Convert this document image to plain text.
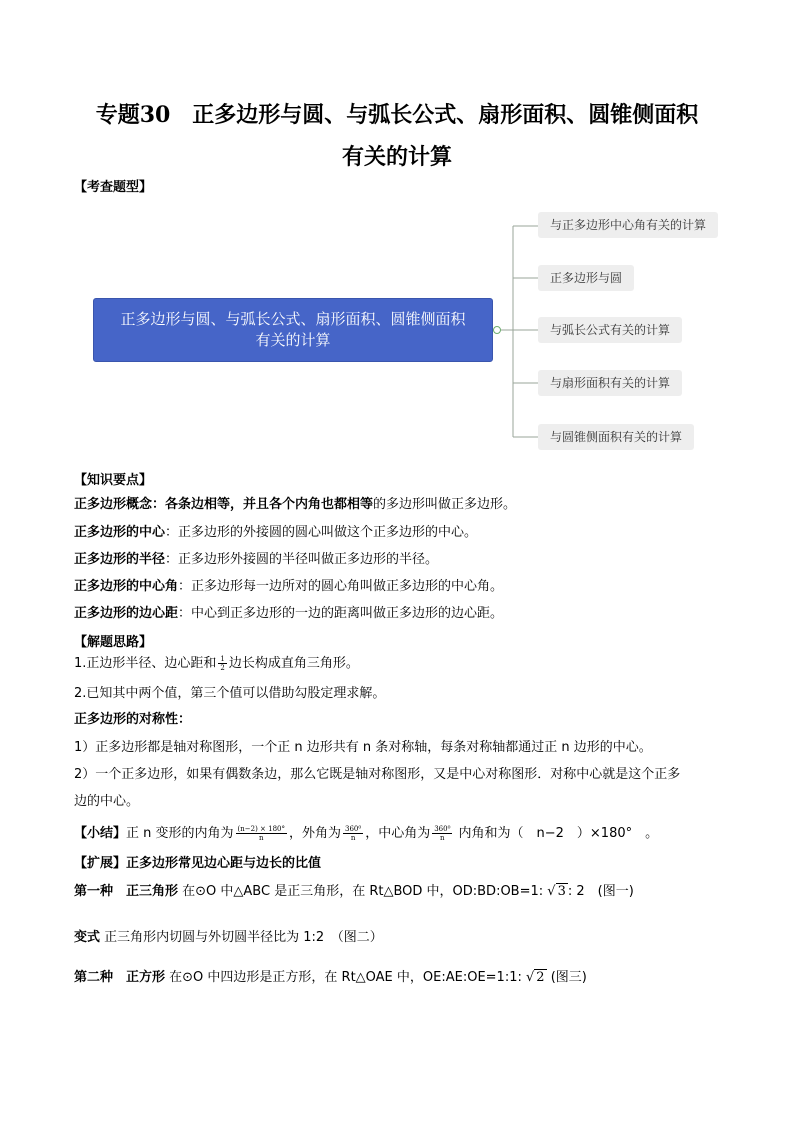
专题30　正多边形与圆、与弧长公式、扇形面积、圆锥侧面积
有关的计算
【考查题型】
正多边形与圆、与弧长公式、扇形面积、圆锥侧面积有关的计算
与正多边形中心角有关的计算
正多边形与圆
与弧长公式有关的计算
与扇形面积有关的计算
与圆锥侧面积有关的计算
【知识要点】
正多边形概念：各条边相等，并且各个内角也都相等的多边形叫做正多边形。
正多边形的中心：正多边形的外接圆的圆心叫做这个正多边形的中心。
正多边形的半径：正多边形外接圆的半径叫做正多边形的半径。
正多边形的中心角：正多边形每一边所对的圆心角叫做正多边形的中心角。
正多边形的边心距：中心到正多边形的一边的距离叫做正多边形的边心距。
【解题思路】
1.正边形半径、边心距和 $\frac{1}{2}$ 边长构成直角三角形。
2.已知其中两个值，第三个值可以借助勾股定理求解。
正多边形的对称性：
1）正多边形都是轴对称图形，一个正 n 边形共有 n 条对称轴，每条对称轴都通过正 n 边形的中心。
2）一个正多边形，如果有偶数条边，那么它既是轴对称图形，又是中心对称图形．对称中心就是这个正多
边的中心。
【小结】正 n 变形的内角为 $\frac{(n-2) \times 180^\circ}{n}$ ，外角为 $\frac{\text{360⁰}}{n}$ ，中心角为 $\frac{\text{360⁰}}{n}$ 内角和为（　n−2　）×180°　。
【扩展】正多边形常见边心距与边长的比值
第一种　正三角形 在⊙O 中△ABC 是正三角形，在 Rt△BOD 中，OD:BD:OB=1: √ 3 : 2　(图一)
变式 正三角形内切圆与外切圆半径比为 1:2　（图二）
第二种　正方形 在⊙O 中四边形是正方形，在 Rt△OAE 中，OE:AE:OE=1:1: √ 2 (图三)
